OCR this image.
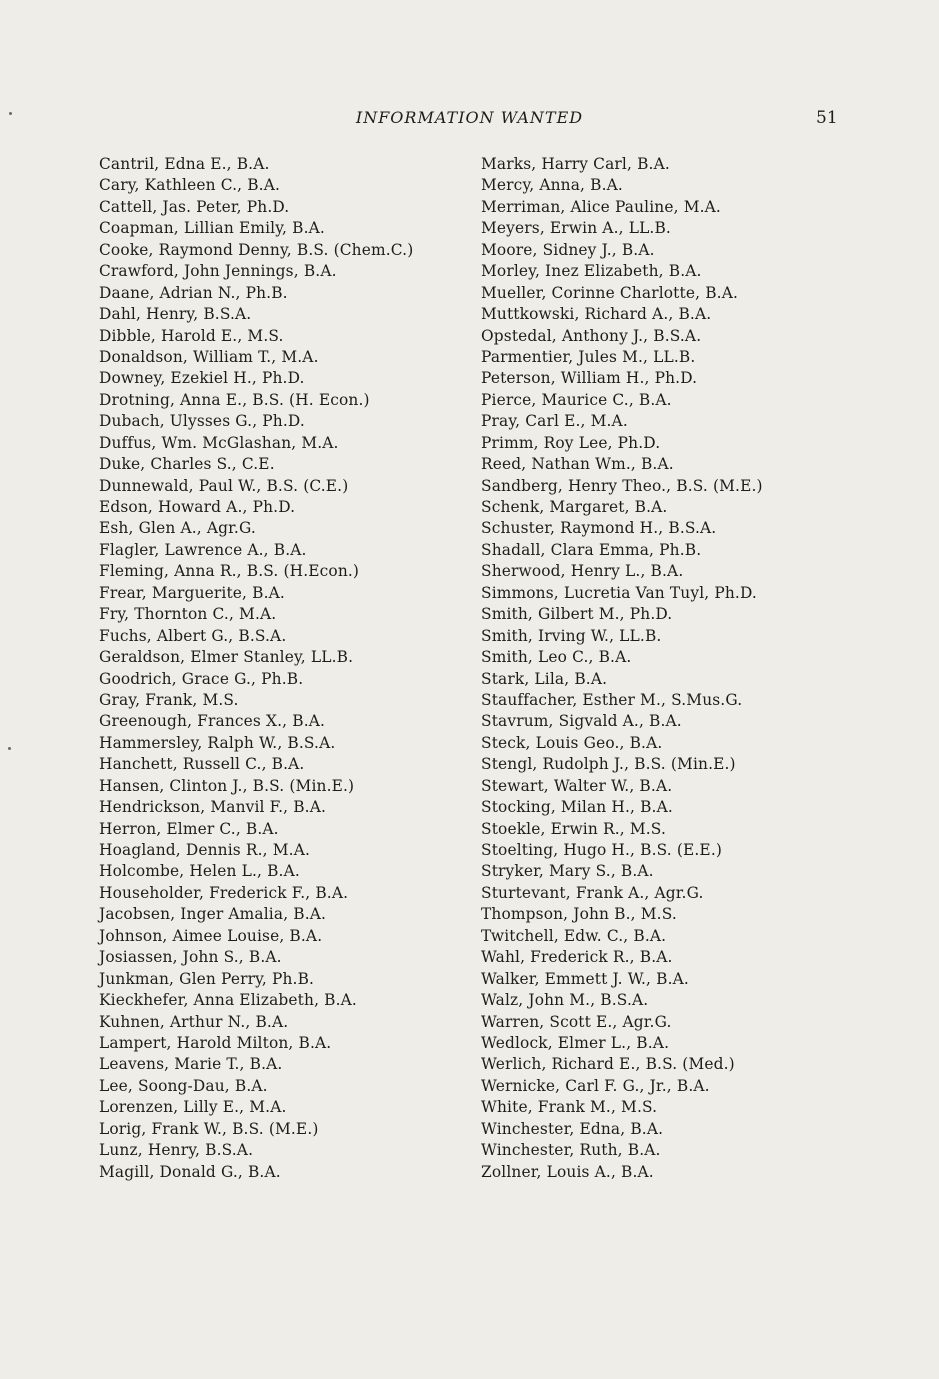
INFORMATION WANTED	51
Cantril, Edna E., B.A.
Cary, Kathleen C., B.A.
Cattell, Jas. Peter, Ph.D.
Coapman, Lillian Emily, B.A.
Cooke, Raymond Denny, B.S. (Chem.C.)
Crawford, John Jennings, B.A.
Daane, Adrian N., Ph.B.
Dahl, Henry, B.S.A.
Dibble, Harold E., M.S.
Donaldson, William T., M.A.
Downey, Ezekiel H., Ph.D.
Drotning, Anna E., B.S. (H. Econ.)
Dubach, Ulysses G., Ph.D.
Duffus, Wm. McGlashan, M.A.
Duke, Charles S., C.E.
Dunnewald, Paul W., B.S. (C.E.)
Edson, Howard A., Ph.D.
Esh, Glen A., Agr.G.
Flagler, Lawrence A., B.A.
Fleming, Anna R., B.S. (H.Econ.)
Frear, Marguerite, B.A.
Fry, Thornton C., M.A.
Fuchs, Albert G., B.S.A.
Geraldson, Elmer Stanley, LL.B.
Goodrich, Grace G., Ph.B.
Gray, Frank, M.S.
Greenough, Frances X., B.A.
Hammersley, Ralph W., B.S.A.
Hanchett, Russell C., B.A.
Hansen, Clinton J., B.S. (Min.E.)
Hendrickson, Manvil F., B.A.
Herron, Elmer C., B.A.
Hoagland, Dennis R., M.A.
Holcombe, Helen L., B.A.
Householder, Frederick F., B.A.
Jacobsen, Inger Amalia, B.A.
Johnson, Aimee Louise, B.A.
Josiassen, John S., B.A.
Junkman, Glen Perry, Ph.B.
Kieckhefer, Anna Elizabeth, B.A.
Kuhnen, Arthur N., B.A.
Lampert, Harold Milton, B.A.
Leavens, Marie T., B.A.
Lee, Soong-Dau, B.A.
Lorenzen, Lilly E., M.A.
Lorig, Frank W., B.S. (M.E.)
Lunz, Henry, B.S.A.
Magill, Donald G., B.A.
Marks, Harry Carl, B.A.
Mercy, Anna, B.A.
Merriman, Alice Pauline, M.A.
Meyers, Erwin A., LL.B.
Moore, Sidney J., B.A.
Morley, Inez Elizabeth, B.A.
Mueller, Corinne Charlotte, B.A.
Muttkowski, Richard A., B.A.
Opstedal, Anthony J., B.S.A.
Parmentier, Jules M., LL.B.
Peterson, William H., Ph.D.
Pierce, Maurice C., B.A.
Pray, Carl E., M.A.
Primm, Roy Lee, Ph.D.
Reed, Nathan Wm., B.A.
Sandberg, Henry Theo., B.S. (M.E.)
Schenk, Margaret, B.A.
Schuster, Raymond H., B.S.A.
Shadall, Clara Emma, Ph.B.
Sherwood, Henry L., B.A.
Simmons, Lucretia Van Tuyl, Ph.D.
Smith, Gilbert M., Ph.D.
Smith, Irving W., LL.B.
Smith, Leo C., B.A.
Stark, Lila, B.A.
Stauffacher, Esther M., S.Mus.G.
Stavrum, Sigvald A., B.A.
Steck, Louis Geo., B.A.
Stengl, Rudolph J., B.S. (Min.E.)
Stewart, Walter W., B.A.
Stocking, Milan H., B.A.
Stoekle, Erwin R., M.S.
Stoelting, Hugo H., B.S. (E.E.)
Stryker, Mary S., B.A.
Sturtevant, Frank A., Agr.G.
Thompson, John B., M.S.
Twitchell, Edw. C., B.A.
Wahl, Frederick R., B.A.
Walker, Emmett J. W., B.A.
Walz, John M., B.S.A.
Warren, Scott E., Agr.G.
Wedlock, Elmer L., B.A.
Werlich, Richard E., B.S. (Med.)
Wernicke, Carl F. G., Jr., B.A.
White, Frank M., M.S.
Winchester, Edna, B.A.
Winchester, Ruth, B.A.
Zollner, Louis A., B.A.
